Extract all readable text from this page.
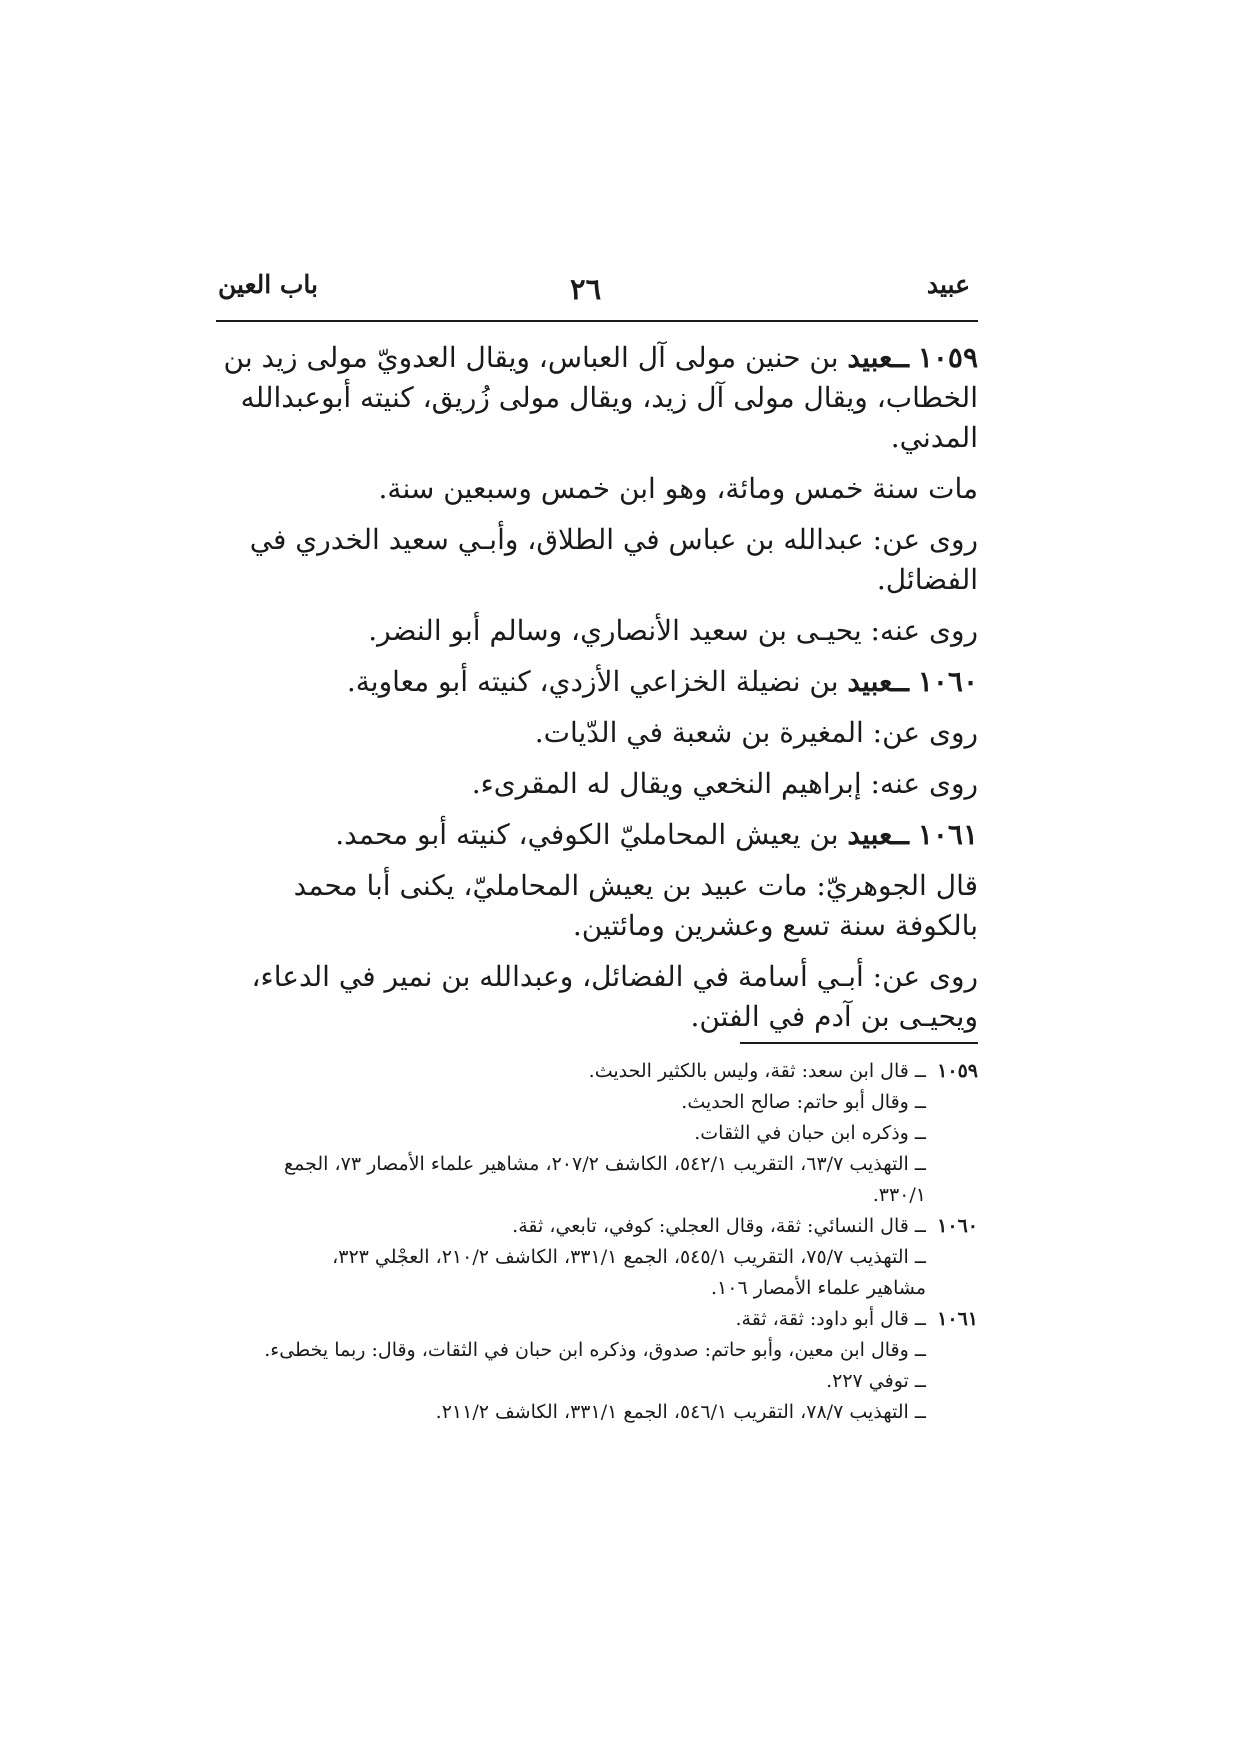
باب العين	٢٦	عبيد

١٠٥٩ ــعبيد بن حنين مولى آل العباس، ويقال العدويّ مولى زيد بن الخطاب، ويقال مولى آل زيد، ويقال مولى زُريق، كنيته أبوعبدالله المدني.

مات سنة خمس ومائة، وهو ابن خمس وسبعين سنة.

روى عن: عبدالله بن عباس في الطلاق، وأبـي سعيد الخدري في الفضائل.

روى عنه: يحيـى بن سعيد الأنصاري، وسالم أبو النضر.

١٠٦٠ ــعبيد بن نضيلة الخزاعي الأزدي، كنيته أبو معاوية.

روى عن: المغيرة بن شعبة في الدّيات.

روى عنه: إبراهيم النخعي ويقال له المقرىء.

١٠٦١ ــعبيد بن يعيش المحامليّ الكوفي، كنيته أبو محمد.

قال الجوهريّ: مات عبيد بن يعيش المحامليّ، يكنى أبا محمد بالكوفة سنة تسع وعشرين ومائتين.

روى عن: أبـي أسامة في الفضائل، وعبدالله بن نمير في الدعاء، ويحيـى بن آدم في الفتن.

١٠٥٩
ــ قال ابن سعد: ثقة، وليس بالكثير الحديث.
ــ وقال أبو حاتم: صالح الحديث.
ــ وذكره ابن حبان في الثقات.
ــ التهذيب ٦٣/٧، التقريب ٥٤٢/١، الكاشف ٢٠٧/٢، مشاهير علماء الأمصار ٧٣، الجمع
٣٣٠/١.
١٠٦٠
ــ قال النسائي: ثقة، وقال العجلي: كوفي، تابعي، ثقة.
ــ التهذيب ٧٥/٧، التقريب ٥٤٥/١، الجمع ٣٣١/١، الكاشف ٢١٠/٢، العجْلي ٣٢٣،
مشاهير علماء الأمصار ١٠٦.
١٠٦١
ــ قال أبو داود: ثقة، ثقة.
ــ وقال ابن معين، وأبو حاتم: صدوق، وذكره ابن حبان في الثقات، وقال: ربما يخطىء.
ــ توفي ٢٢٧.
ــ التهذيب ٧٨/٧، التقريب ٥٤٦/١، الجمع ٣٣١/١، الكاشف ٢١١/٢.
